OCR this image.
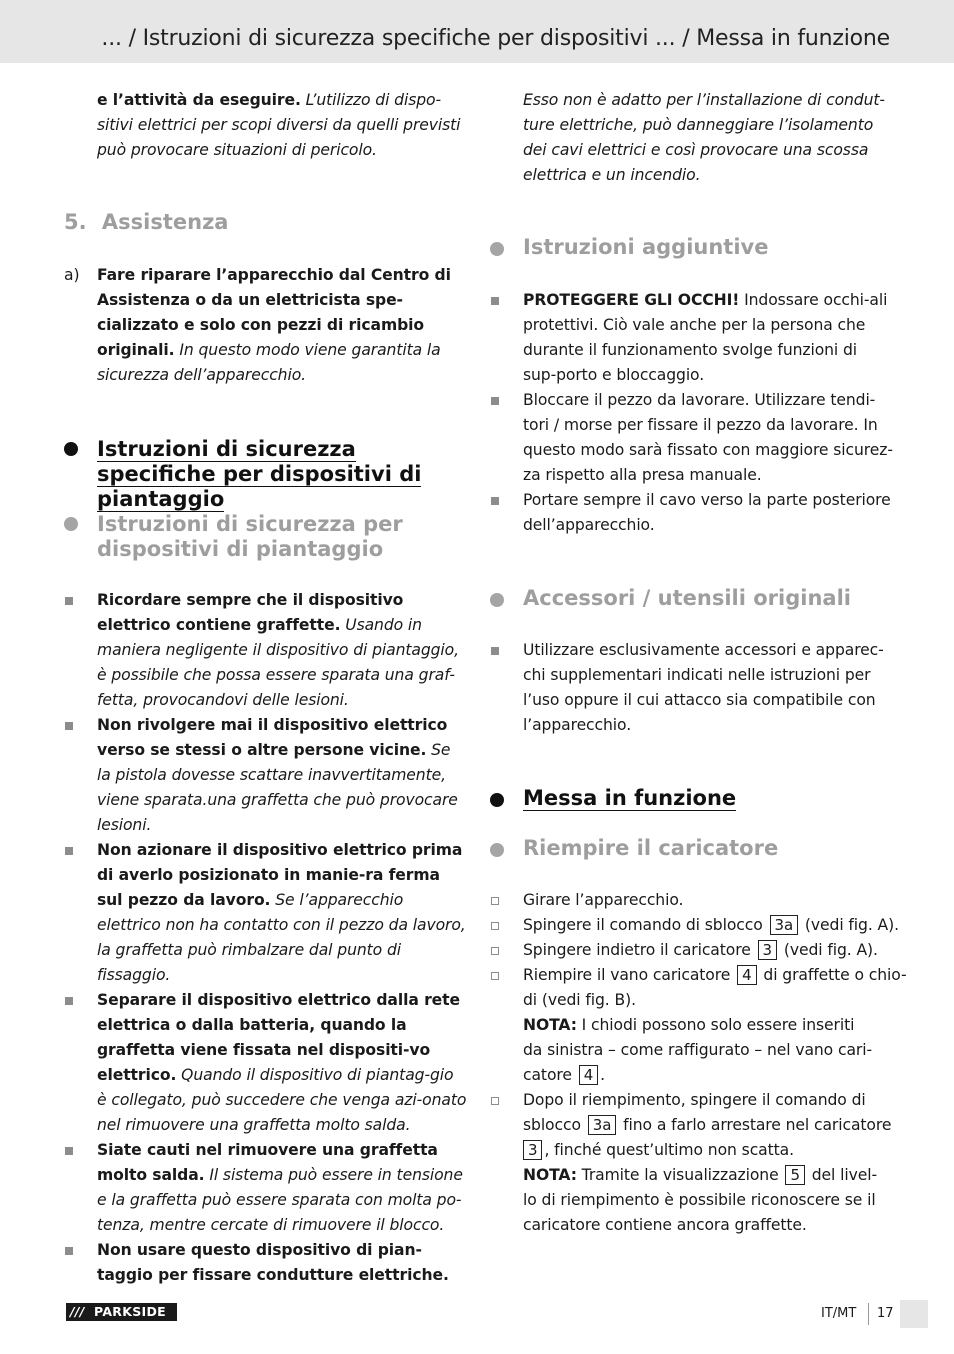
... / Istruzioni di sicurezza specifiche per dispositivi ... / Messa in funzione
e l’attività da eseguire. L’utilizzo di dispo-sitivi elettrici per scopi diversi da quelli previsti può provocare situazioni di pericolo.
5. Assistenza
a) Fare riparare l’apparecchio dal Centro di Assistenza o da un elettricista spe-cializzato e solo con pezzi di ricambio originali. In questo modo viene garantita la sicurezza dell’apparecchio.
Istruzioni di sicurezza specifiche per dispositivi di piantaggio
Istruzioni di sicurezza per dispositivi di piantaggio
Ricordare sempre che il dispositivo elettrico contiene graffette. Usando in maniera negligente il dispositivo di piantaggio, è possibile che possa essere sparata una graf-fetta, provocandovi delle lesioni.
Non rivolgere mai il dispositivo elettrico verso se stessi o altre persone vicine. Se la pistola dovesse scattare inavvertitamente, viene sparata.una graffetta che può provocare lesioni.
Non azionare il dispositivo elettrico prima di averlo posizionato in manie-ra ferma sul pezzo da lavoro. Se l’apparecchio elettrico non ha contatto con il pezzo da lavoro, la graffetta può rimbalzare dal punto di fissaggio.
Separare il dispositivo elettrico dalla rete elettrica o dalla batteria, quando la graffetta viene fissata nel dispositi-vo elettrico. Quando il dispositivo di piantag-gio è collegato, può succedere che venga azi-onato nel rimuovere una graffetta molto salda.
Siate cauti nel rimuovere una graffetta molto salda. Il sistema può essere in tensione e la graffetta può essere sparata con molta po-tenza, mentre cercate di rimuovere il blocco.
Non usare questo dispositivo di pian-taggio per fissare condutture elettriche.
Esso non è adatto per l’installazione di condut-ture elettriche, può danneggiare l’isolamento dei cavi elettrici e così provocare una scossa elettrica e un incendio.
Istruzioni aggiuntive
PROTEGGERE GLI OCCHI! Indossare occhi-ali protettivi. Ciò vale anche per la persona che durante il funzionamento svolge funzioni di sup-porto e bloccaggio.
Bloccare il pezzo da lavorare. Utilizzare tendi-tori / morse per fissare il pezzo da lavorare. In questo modo sarà fissato con maggiore sicurez-za rispetto alla presa manuale.
Portare sempre il cavo verso la parte posteriore dell’apparecchio.
Accessori / utensili originali
Utilizzare esclusivamente accessori e apparec-chi supplementari indicati nelle istruzioni per l’uso oppure il cui attacco sia compatibile con l’apparecchio.
Messa in funzione
Riempire il caricatore
Girare l’apparecchio.
Spingere il comando di sblocco 3a (vedi fig. A).
Spingere indietro il caricatore 3 (vedi fig. A).
Riempire il vano caricatore 4 di graffette o chio-
di (vedi fig. B).
NOTA: I chiodi possono solo essere inseriti
da sinistra – come raffigurato – nel vano cari-
catore 4 .
Dopo il riempimento, spingere il comando di
sblocco 3a fino a farlo arrestare nel caricatore
3 , finché quest’ultimo non scatta.
NOTA: Tramite la visualizzazione 5 del livel-
lo di riempimento è possibile riconoscere se il
caricatore contiene ancora graffette.
/// PARKSIDE	IT/MT 17
